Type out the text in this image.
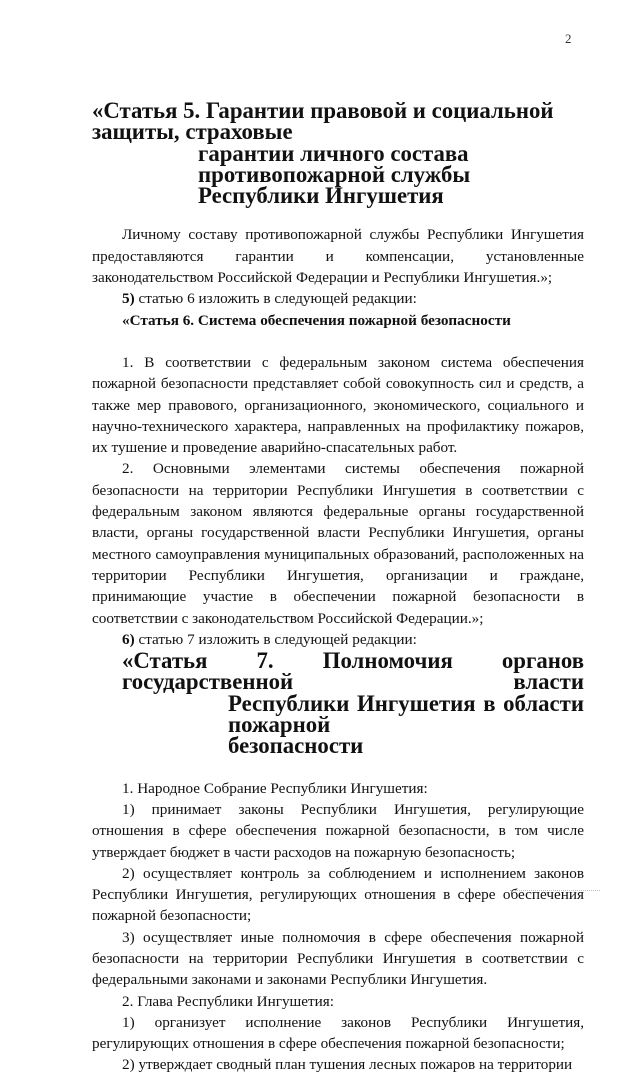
2
«Статья 5. Гарантии правовой и социальной защиты, страховые
гарантии личного состава противопожарной службы
Республики Ингушетия

Личному составу противопожарной службы Республики Ингушетия предоставляются гарантии и компенсации, установленные законодательством Российской Федерации и Республики Ингушетия.»;

5) статью 6 изложить в следующей редакции:

«Статья 6. Система обеспечения пожарной безопасности

1. В соответствии с федеральным законом система обеспечения пожарной безопасности представляет собой совокупность сил и средств, а также мер правового, организационного, экономического, социального и научно-технического характера, направленных на профилактику пожаров, их тушение и проведение аварийно-спасательных работ.

2. Основными элементами системы обеспечения пожарной безопасности на территории Республики Ингушетия в соответствии с федеральным законом являются федеральные органы государственной власти, органы государственной власти Республики Ингушетия, органы местного самоуправления муниципальных образований, расположенных на территории Республики Ингушетия, организации и граждане, принимающие участие в обеспечении пожарной безопасности в соответствии с законодательством Российской Федерации.»;

6) статью 7 изложить в следующей редакции:

«Статья 7. Полномочия органов государственной власти
Республики Ингушетия в области пожарной
безопасности

1. Народное Собрание Республики Ингушетия:

1) принимает законы Республики Ингушетия, регулирующие отношения в сфере обеспечения пожарной безопасности, в том числе утверждает бюджет в части расходов на пожарную безопасность;

2) осуществляет контроль за соблюдением и исполнением законов Республики Ингушетия, регулирующих отношения в сфере обеспечения пожарной безопасности;

3) осуществляет иные полномочия в сфере обеспечения пожарной безопасности на территории Республики Ингушетия в соответствии с федеральными законами и законами Республики Ингушетия.

2. Глава Республики Ингушетия:

1) организует исполнение законов Республики Ингушетия, регулирующих отношения в сфере обеспечения пожарной безопасности;

2) утверждает сводный план тушения лесных пожаров на территории
